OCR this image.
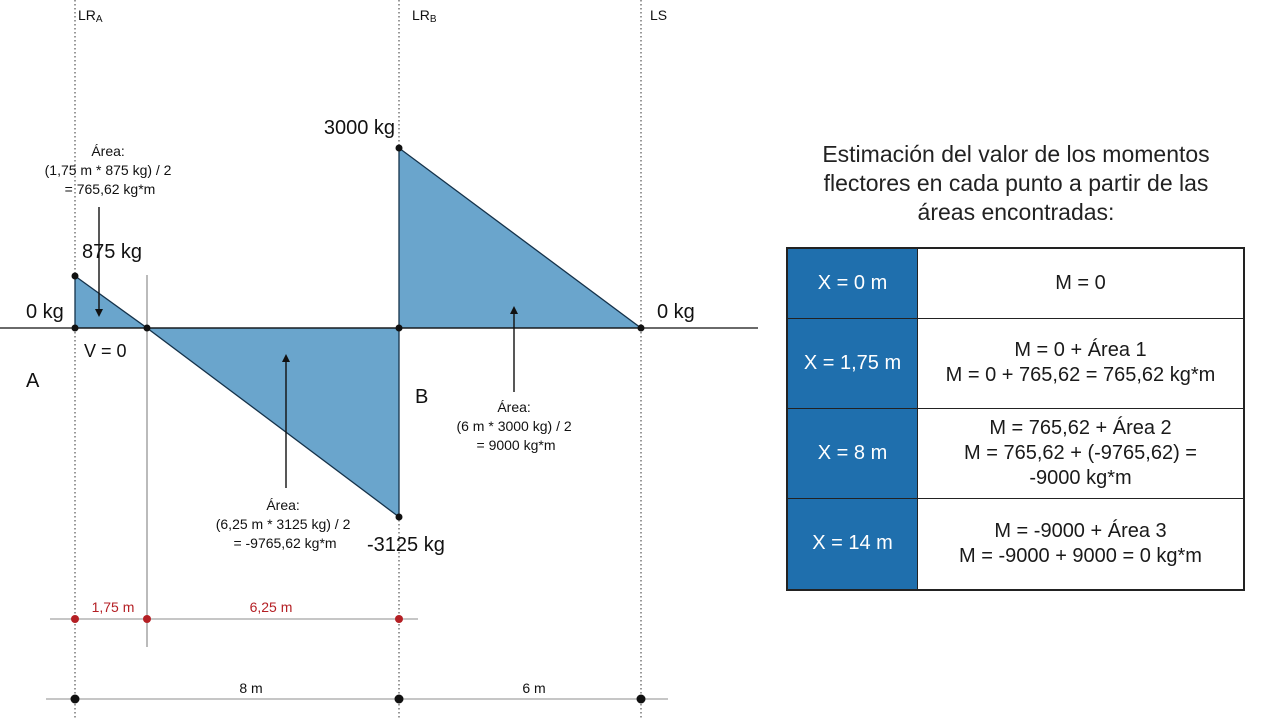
LRA	LRB	LS
3000 kg
875 kg
0 kg	0 kg
-3125 kg
V = 0
A
B
Área: (1,75 m * 875 kg) / 2 = 765,62 kg*m
Área: (6,25 m * 3125 kg) / 2 = -9765,62 kg*m
Área: (6 m * 3000 kg) / 2 = 9000 kg*m
1,75 m	6,25 m
8 m	6 m
Estimación del valor de los momentos
flectores en cada punto a partir de las
áreas encontradas:
X = 0 m	M = 0

X = 1,75 m	M = 0 + Área 1
M = 0 + 765,62 = 765,62 kg*m

X = 8 m	M = 765,62 + Área 2
M = 765,62 + (-9765,62) =
-9000 kg*m

X = 14 m	M = -9000 + Área 3
M = -9000 + 9000 = 0 kg*m
